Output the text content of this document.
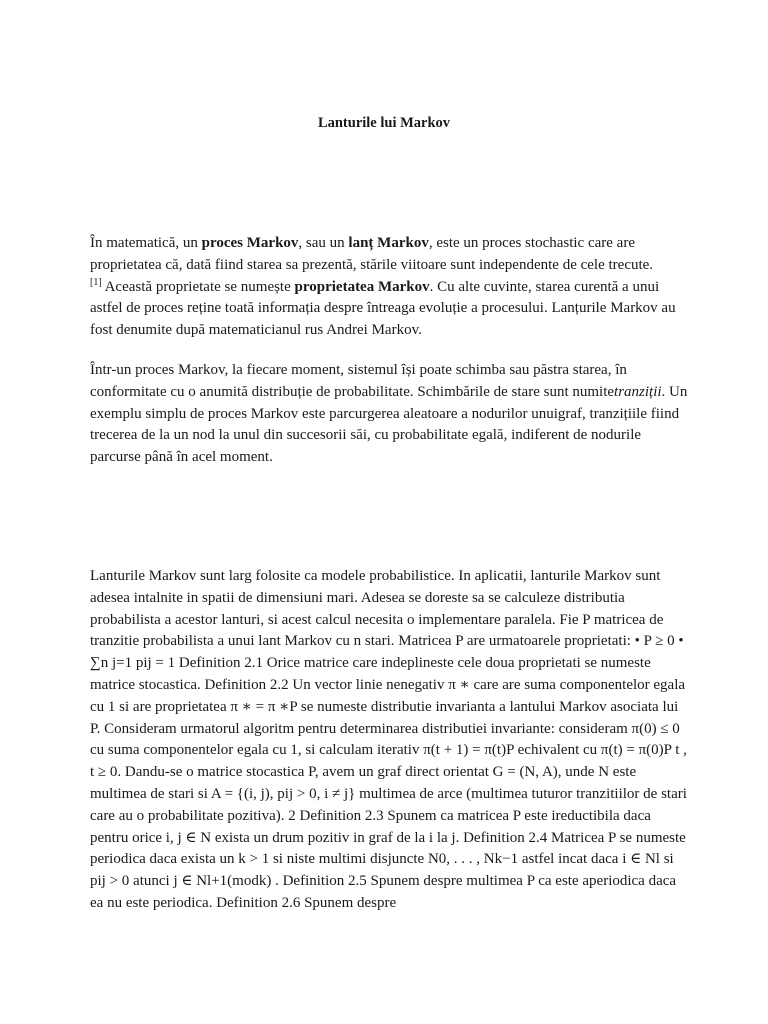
Lanturile lui Markov

În matematică, un proces Markov, sau un lanț Markov, este un proces stochastic care are proprietatea că, dată fiind starea sa prezentă, stările viitoare sunt independente de cele trecute.
[1] Această proprietate se numește proprietatea Markov. Cu alte cuvinte, starea curentă a unui astfel de proces reține toată informația despre întreaga evoluție a procesului. Lanțurile Markov au fost denumite după matematicianul rus Andrei Markov.

Într-un proces Markov, la fiecare moment, sistemul își poate schimba sau păstra starea, în conformitate cu o anumită distribuție de probabilitate. Schimbările de stare sunt numitetranziții. Un exemplu simplu de proces Markov este parcurgerea aleatoare a nodurilor unuigraf, tranzițiile fiind trecerea de la un nod la unul din succesorii săi, cu probabilitate egală, indiferent de nodurile parcurse până în acel moment.

Lanturile Markov sunt larg folosite ca modele probabilistice. In aplicatii, lanturile Markov sunt adesea intalnite in spatii de dimensiuni mari. Adesea se doreste sa se calculeze distributia probabilista a acestor lanturi, si acest calcul necesita o implementare paralela. Fie P matricea de tranzitie probabilista a unui lant Markov cu n stari. Matricea P are urmatoarele proprietati: • P ≥ 0 • ∑n j=1 pij = 1 Definition 2.1 Orice matrice care indeplineste cele doua proprietati se numeste matrice stocastica. Definition 2.2 Un vector linie nenegativ π ∗ care are suma componentelor egala cu 1 si are proprietatea π ∗ = π ∗P se numeste distributie invarianta a lantului Markov asociata lui P. Consideram urmatorul algoritm pentru determinarea distributiei invariante: consideram π(0) ≤ 0 cu suma componentelor egala cu 1, si calculam iterativ π(t + 1) = π(t)P echivalent cu π(t) = π(0)P t , t ≥ 0. Dandu-se o matrice stocastica P, avem un graf direct orientat G = (N, A), unde N este multimea de stari si A = {(i, j), pij > 0, i ≠ j} multimea de arce (multimea tuturor tranzitiilor de stari care au o probabilitate pozitiva). 2 Definition 2.3 Spunem ca matricea P este ireductibila daca pentru orice i, j ∈ N exista un drum pozitiv in graf de la i la j. Definition 2.4 Matricea P se numeste periodica daca exista un k > 1 si niste multimi disjuncte N0, . . . , Nk−1 astfel incat daca i ∈ Nl si pij > 0 atunci j ∈ Nl+1(modk) . Definition 2.5 Spunem despre multimea P ca este aperiodica daca ea nu este periodica. Definition 2.6 Spunem despre
